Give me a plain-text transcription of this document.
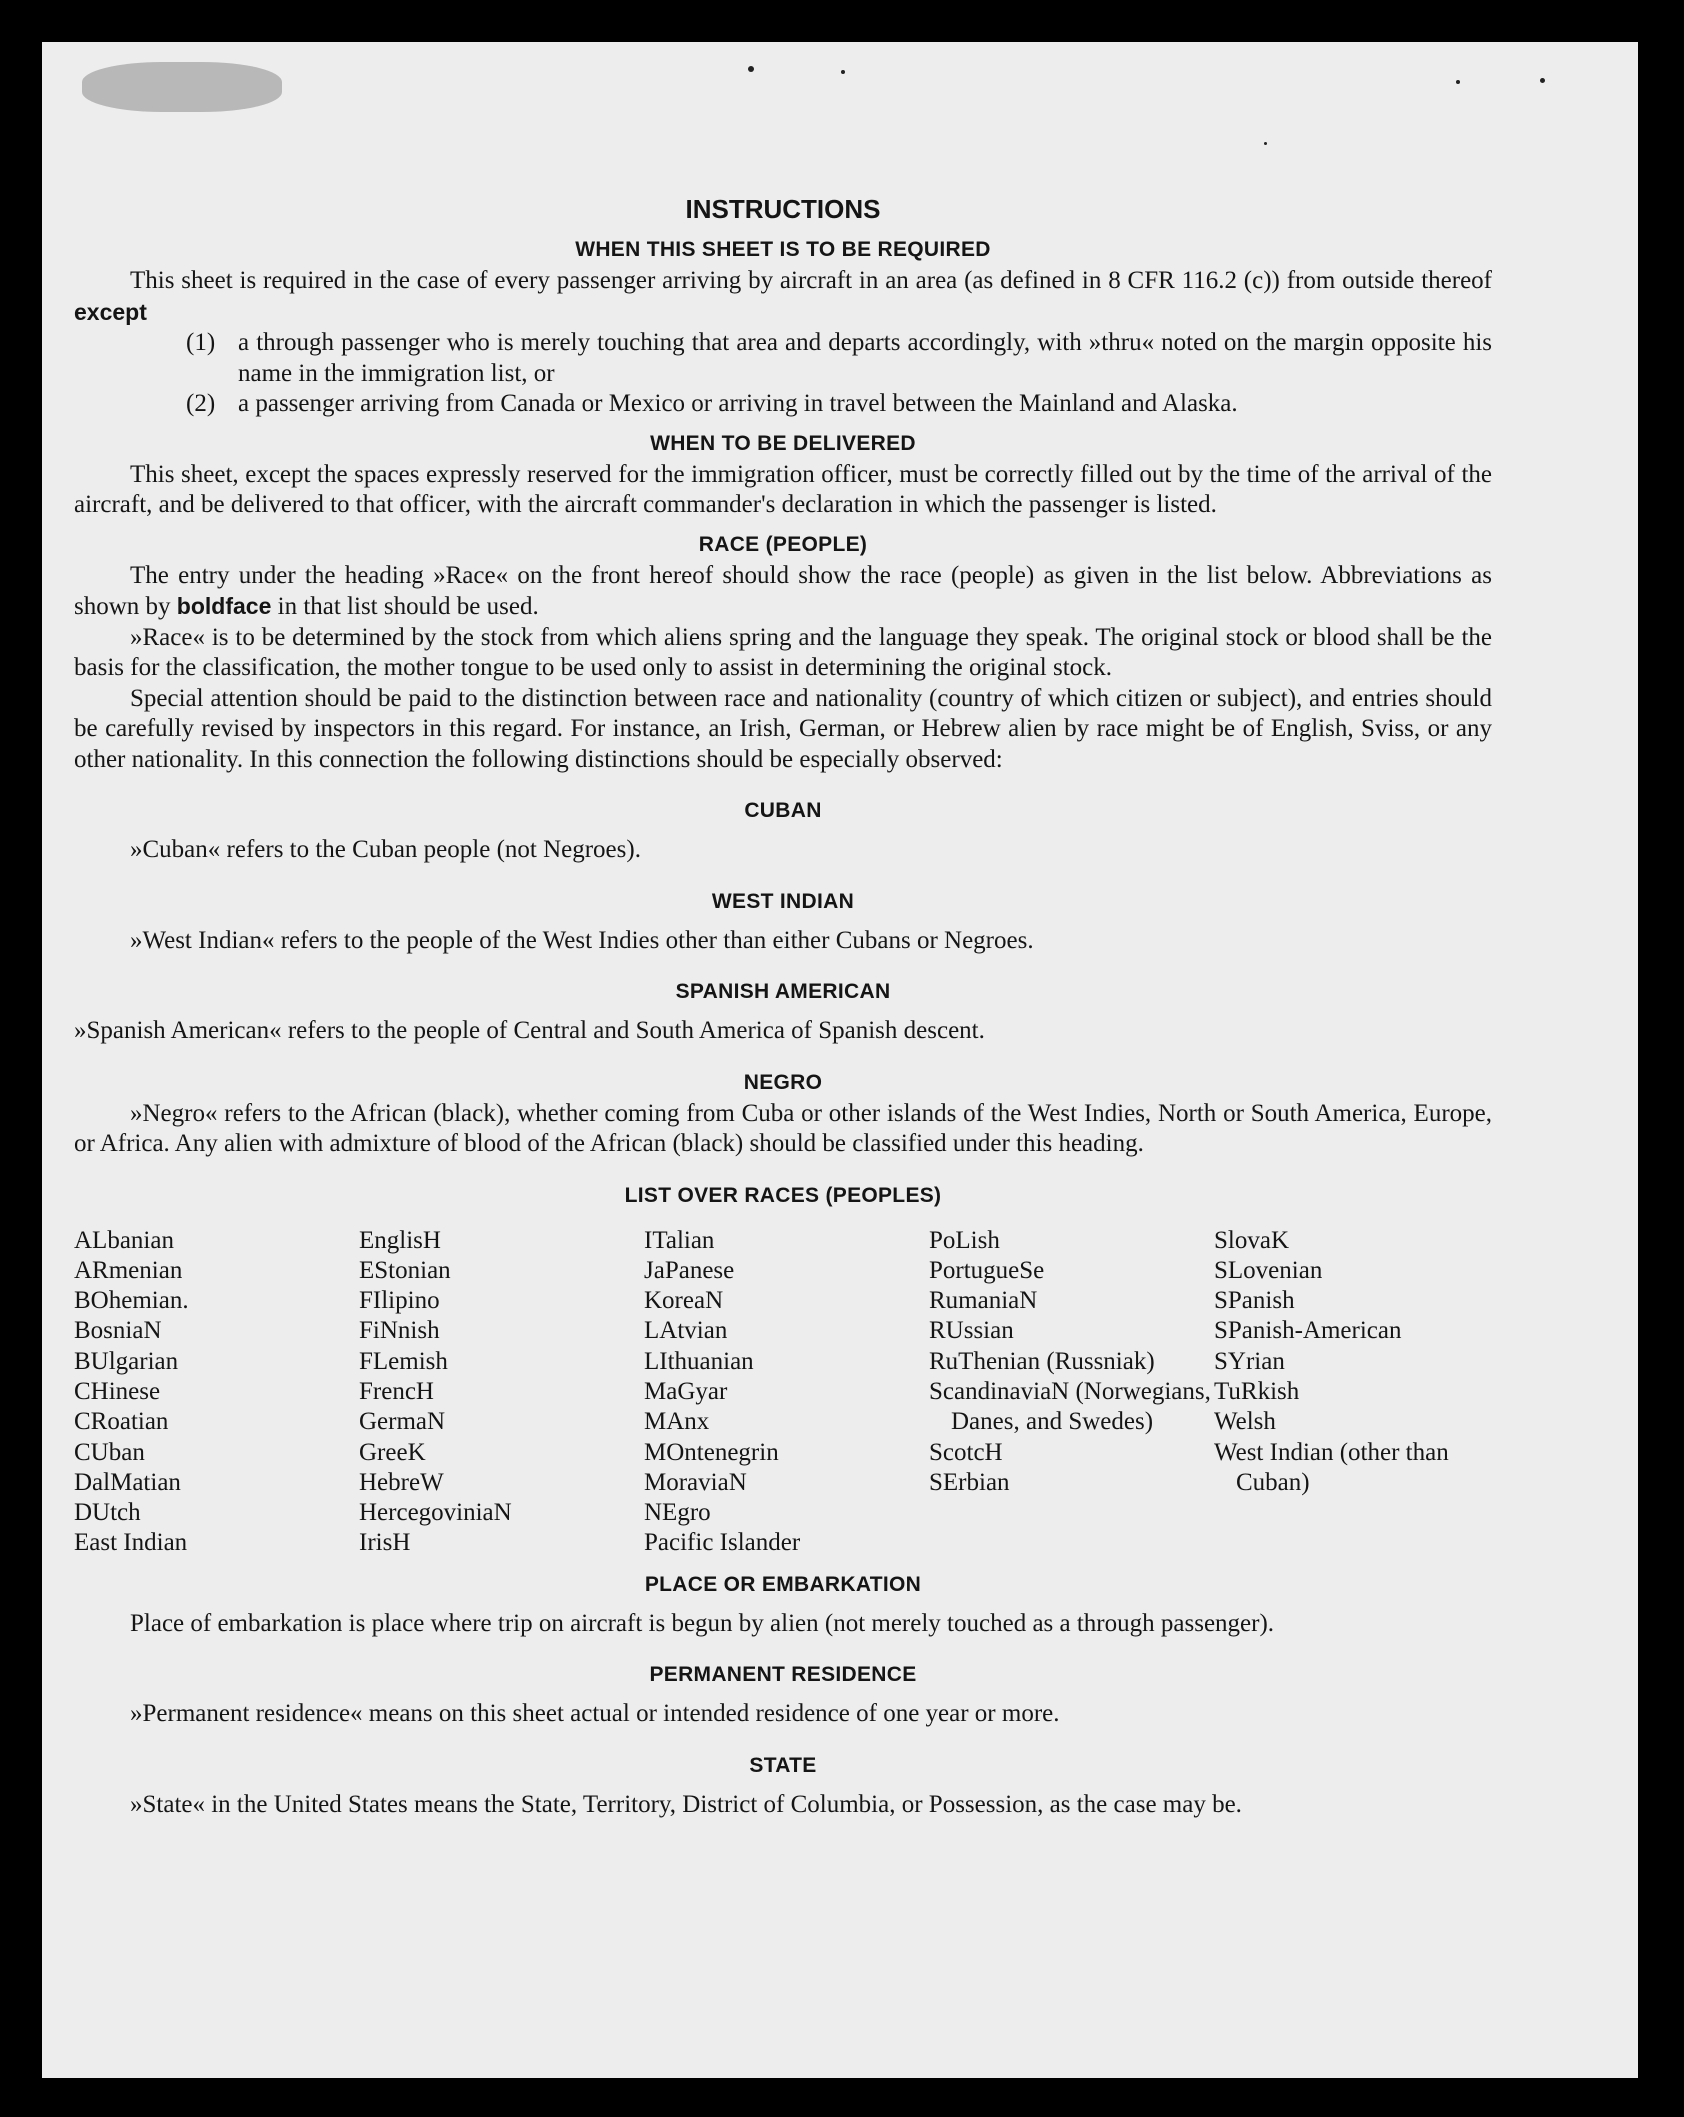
INSTRUCTIONS
WHEN THIS SHEET IS TO BE REQUIRED

This sheet is required in the case of every passenger arriving by aircraft in an area (as defined in 8 CFR 116.2 (c)) from outside thereof except

(1) a through passenger who is merely touching that area and departs accordingly, with »thru« noted on the margin opposite his name in the immigration list, or
(2) a passenger arriving from Canada or Mexico or arriving in travel between the Mainland and Alaska.
WHEN TO BE DELIVERED

This sheet, except the spaces expressly reserved for the immigration officer, must be correctly filled out by the time of the arrival of the aircraft, and be delivered to that officer, with the aircraft commander's declaration in which the passenger is listed.

RACE (PEOPLE)

The entry under the heading »Race« on the front hereof should show the race (people) as given in the list below. Abbreviations as shown by boldface in that list should be used.

»Race« is to be determined by the stock from which aliens spring and the language they speak. The original stock or blood shall be the basis for the classification, the mother tongue to be used only to assist in determining the original stock.

Special attention should be paid to the distinction between race and nationality (country of which citizen or subject), and entries should be carefully revised by inspectors in this regard. For instance, an Irish, German, or Hebrew alien by race might be of English, Sviss, or any other nationality. In this connection the following distinctions should be especially observed:

CUBAN

»Cuban« refers to the Cuban people (not Negroes).

WEST INDIAN

»West Indian« refers to the people of the West Indies other than either Cubans or Negroes.

SPANISH AMERICAN

»Spanish American« refers to the people of Central and South America of Spanish descent.

NEGRO

»Negro« refers to the African (black), whether coming from Cuba or other islands of the West Indies, North or South America, Europe, or Africa. Any alien with admixture of blood of the African (black) should be classified under this heading.

LIST OVER RACES (PEOPLES)
ALbanian
ARmenian
BOhemian.
BosniaN
BUlgarian
CHinese
CRoatian
CUban
DalMatian
DUtch
East Indian
EnglisH
EStonian
FIlipino
FiNnish
FLemish
FrencH
GermaN
GreeK
HebreW
HercegoviniaN
IrisH
ITalian
JaPanese
KoreaN
LAtvian
LIthuanian
MaGyar
MAnx
MOntenegrin
MoraviaN
NEgro
Pacific Islander
PoLish
PortugueSe
RumaniaN
RUssian
RuThenian (Russniak)
ScandinaviaN (Norwegians, Danes, and Swedes)
ScotcH
SErbian
SlovaK
SLovenian
SPanish
SPanish-American
SYrian
TuRkish
Welsh
West Indian (other than Cuban)
PLACE OR EMBARKATION

Place of embarkation is place where trip on aircraft is begun by alien (not merely touched as a through passenger).

PERMANENT RESIDENCE

»Permanent residence« means on this sheet actual or intended residence of one year or more.

STATE

»State« in the United States means the State, Territory, District of Columbia, or Possession, as the case may be.
